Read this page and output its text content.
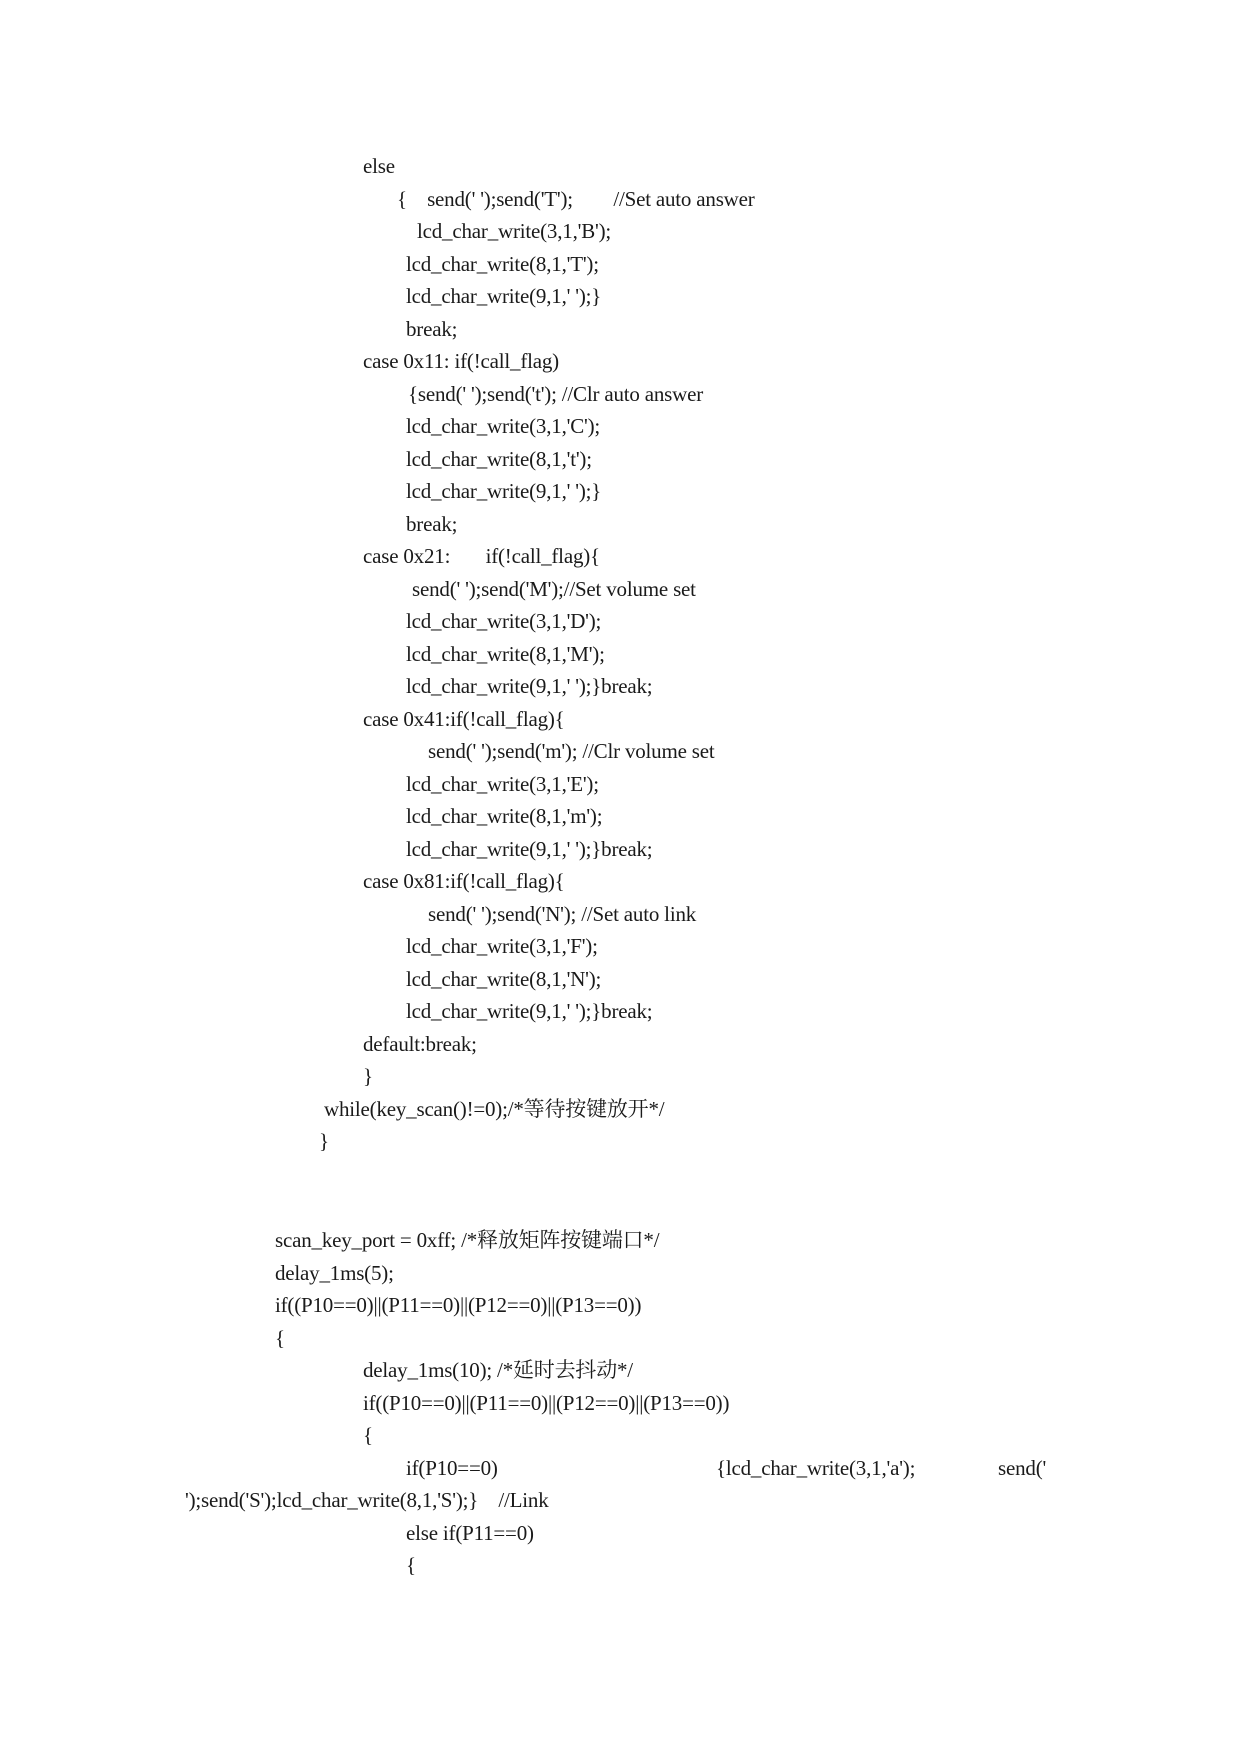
else
{    send(' ');send('T');        //Set auto answer
lcd_char_write(3,1,'B');
lcd_char_write(8,1,'T');
lcd_char_write(9,1,' ');}
break;
case 0x11: if(!call_flag)
{send(' ');send('t'); //Clr auto answer
lcd_char_write(3,1,'C');
lcd_char_write(8,1,'t');
lcd_char_write(9,1,' ');}
break;
case 0x21:       if(!call_flag){
send(' ');send('M');//Set volume set
lcd_char_write(3,1,'D');
lcd_char_write(8,1,'M');
lcd_char_write(9,1,' ');}break;
case 0x41:if(!call_flag){
send(' ');send('m'); //Clr volume set
lcd_char_write(3,1,'E');
lcd_char_write(8,1,'m');
lcd_char_write(9,1,' ');}break;
case 0x81:if(!call_flag){
send(' ');send('N'); //Set auto link
lcd_char_write(3,1,'F');
lcd_char_write(8,1,'N');
lcd_char_write(9,1,' ');}break;
default:break;
}
while(key_scan()!=0);/*等待按键放开*/
}
scan_key_port = 0xff; /*释放矩阵按键端口*/
delay_1ms(5);
if((P10==0)||(P11==0)||(P12==0)||(P13==0))
{
delay_1ms(10); /*延时去抖动*/
if((P10==0)||(P11==0)||(P12==0)||(P13==0))
{
if(P10==0)	{lcd_char_write(3,1,'a');	send('
');send('S');lcd_char_write(8,1,'S');}    //Link
else if(P11==0)
{
